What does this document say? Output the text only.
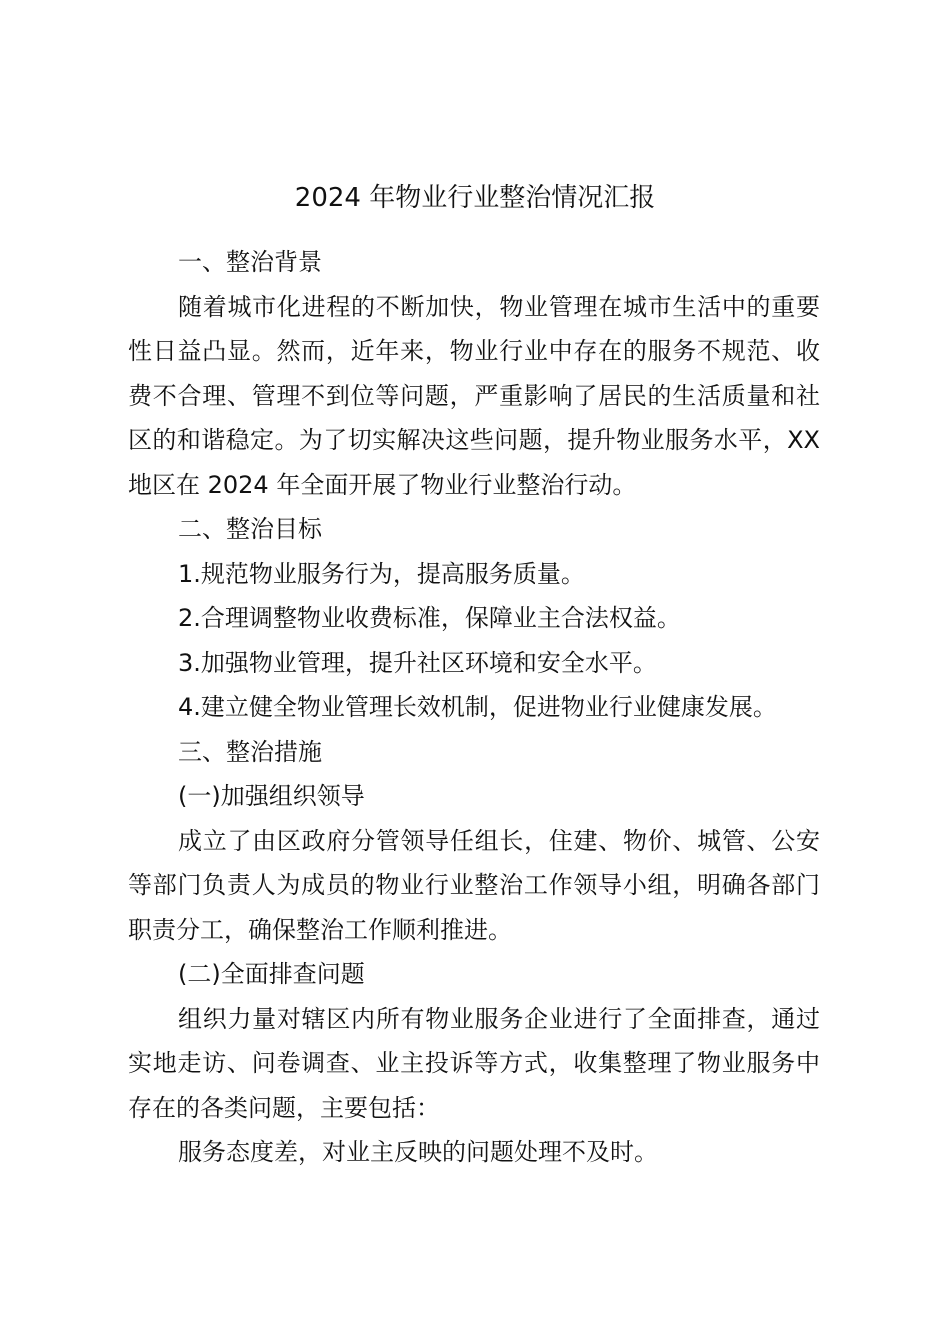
2024 年物业行业整治情况汇报

一、整治背景

随着城市化进程的不断加快，物业管理在城市生活中的重要性日益凸显。然而，近年来，物业行业中存在的服务不规范、收费不合理、管理不到位等问题，严重影响了居民的生活质量和社区的和谐稳定。为了切实解决这些问题，提升物业服务水平，XX 地区在 2024 年全面开展了物业行业整治行动。

二、整治目标

1.规范物业服务行为，提高服务质量。

2.合理调整物业收费标准，保障业主合法权益。

3.加强物业管理，提升社区环境和安全水平。

4.建立健全物业管理长效机制，促进物业行业健康发展。

三、整治措施

(一)加强组织领导

成立了由区政府分管领导任组长，住建、物价、城管、公安等部门负责人为成员的物业行业整治工作领导小组，明确各部门职责分工，确保整治工作顺利推进。

(二)全面排查问题

组织力量对辖区内所有物业服务企业进行了全面排查，通过实地走访、问卷调查、业主投诉等方式，收集整理了物业服务中存在的各类问题，主要包括：

服务态度差，对业主反映的问题处理不及时。
